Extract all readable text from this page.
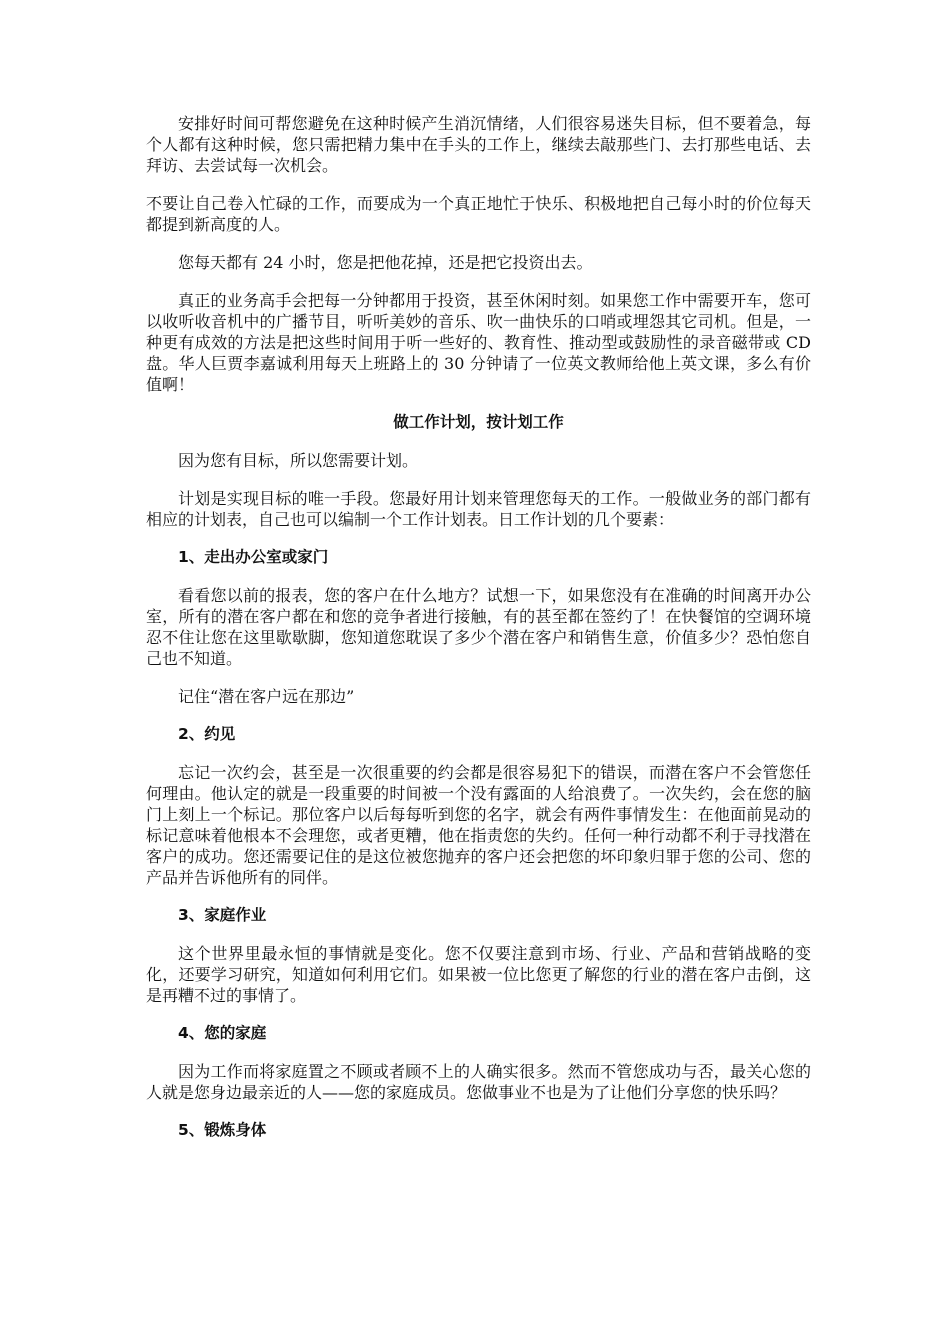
安排好时间可帮您避免在这种时候产生消沉情绪，人们很容易迷失目标，但不要着急，每个人都有这种时候，您只需把精力集中在手头的工作上，继续去敲那些门、去打那些电话、去拜访、去尝试每一次机会。

不要让自己卷入忙碌的工作，而要成为一个真正地忙于快乐、积极地把自己每小时的价位每天都提到新高度的人。

您每天都有 24 小时，您是把他花掉，还是把它投资出去。

真正的业务高手会把每一分钟都用于投资，甚至休闲时刻。如果您工作中需要开车，您可以收听收音机中的广播节目，听听美妙的音乐、吹一曲快乐的口哨或埋怨其它司机。但是，一种更有成效的方法是把这些时间用于听一些好的、教育性、推动型或鼓励性的录音磁带或 CD 盘。华人巨贾李嘉诚利用每天上班路上的 30 分钟请了一位英文教师给他上英文课，多么有价值啊！

做工作计划，按计划工作

因为您有目标，所以您需要计划。

计划是实现目标的唯一手段。您最好用计划来管理您每天的工作。一般做业务的部门都有相应的计划表，自己也可以编制一个工作计划表。日工作计划的几个要素：

1、走出办公室或家门

看看您以前的报表，您的客户在什么地方？试想一下，如果您没有在准确的时间离开办公室，所有的潜在客户都在和您的竞争者进行接触，有的甚至都在签约了！在快餐馆的空调环境忍不住让您在这里歇歇脚，您知道您耽误了多少个潜在客户和销售生意，价值多少？恐怕您自己也不知道。

记住“潜在客户远在那边”

2、约见

忘记一次约会，甚至是一次很重要的约会都是很容易犯下的错误，而潜在客户不会管您任何理由。他认定的就是一段重要的时间被一个没有露面的人给浪费了。一次失约，会在您的脑门上刻上一个标记。那位客户以后每每听到您的名字，就会有两件事情发生：在他面前晃动的标记意味着他根本不会理您，或者更糟，他在指责您的失约。任何一种行动都不利于寻找潜在客户的成功。您还需要记住的是这位被您抛弃的客户还会把您的坏印象归罪于您的公司、您的产品并告诉他所有的同伴。

3、家庭作业

这个世界里最永恒的事情就是变化。您不仅要注意到市场、行业、产品和营销战略的变化，还要学习研究，知道如何利用它们。如果被一位比您更了解您的行业的潜在客户击倒，这是再糟不过的事情了。

4、您的家庭

因为工作而将家庭置之不顾或者顾不上的人确实很多。然而不管您成功与否，最关心您的人就是您身边最亲近的人——您的家庭成员。您做事业不也是为了让他们分享您的快乐吗？

5、锻炼身体
